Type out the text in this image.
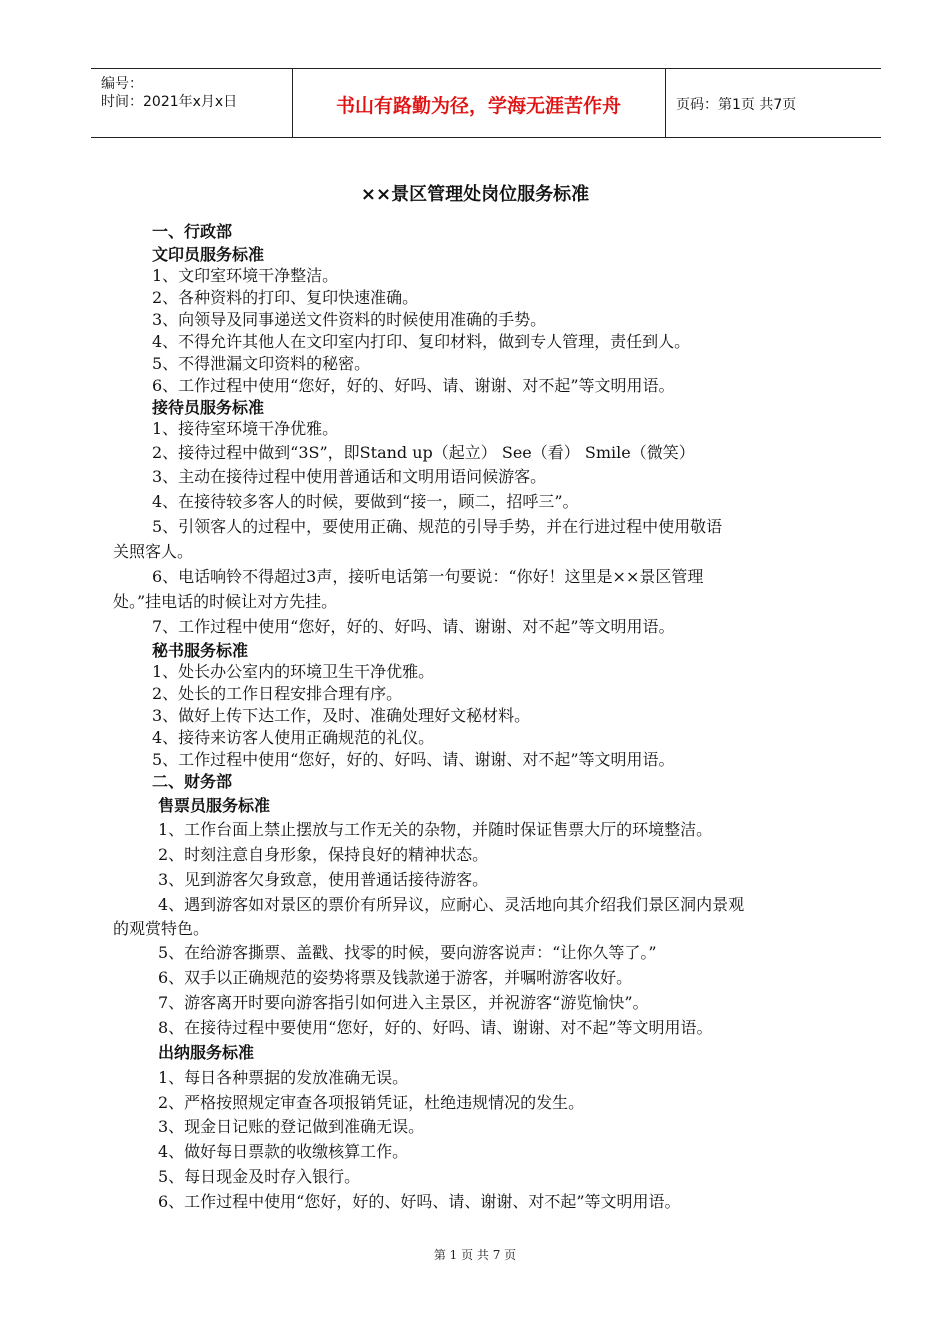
编号：
时间：2021年x月x日	书山有路勤为径，学海无涯苦作舟	页码：第1页 共7页
××景区管理处岗位服务标准
一、行政部
文印员服务标准
1、文印室环境干净整洁。
2、各种资料的打印、复印快速准确。
3、向领导及同事递送文件资料的时候使用准确的手势。
4、不得允许其他人在文印室内打印、复印材料，做到专人管理，责任到人。
5、不得泄漏文印资料的秘密。
6、工作过程中使用“您好，好的、好吗、请、谢谢、对不起”等文明用语。
接待员服务标准
1、接待室环境干净优雅。
2、接待过程中做到“3S”，即Stand up（起立） See（看） Smile（微笑）
3、主动在接待过程中使用普通话和文明用语问候游客。
4、在接待较多客人的时候，要做到“接一，顾二，招呼三”。
5、引领客人的过程中，要使用正确、规范的引导手势，并在行进过程中使用敬语
关照客人。
6、电话响铃不得超过3声，接听电话第一句要说：“你好！这里是××景区管理
处。”挂电话的时候让对方先挂。
7、工作过程中使用“您好，好的、好吗、请、谢谢、对不起”等文明用语。
秘书服务标准
1、处长办公室内的环境卫生干净优雅。
2、处长的工作日程安排合理有序。
3、做好上传下达工作，及时、准确处理好文秘材料。
4、接待来访客人使用正确规范的礼仪。
5、工作过程中使用“您好，好的、好吗、请、谢谢、对不起”等文明用语。
二、财务部
售票员服务标准
1、工作台面上禁止摆放与工作无关的杂物，并随时保证售票大厅的环境整洁。
2、时刻注意自身形象，保持良好的精神状态。
3、见到游客欠身致意，使用普通话接待游客。
4、遇到游客如对景区的票价有所异议，应耐心、灵活地向其介绍我们景区洞内景观
的观赏特色。
5、在给游客撕票、盖戳、找零的时候，要向游客说声：“让你久等了。”
6、双手以正确规范的姿势将票及钱款递于游客，并嘱咐游客收好。
7、游客离开时要向游客指引如何进入主景区，并祝游客“游览愉快”。
8、在接待过程中要使用“您好，好的、好吗、请、谢谢、对不起”等文明用语。
出纳服务标准
1、每日各种票据的发放准确无误。
2、严格按照规定审查各项报销凭证，杜绝违规情况的发生。
3、现金日记账的登记做到准确无误。
4、做好每日票款的收缴核算工作。
5、每日现金及时存入银行。
6、工作过程中使用“您好，好的、好吗、请、谢谢、对不起”等文明用语。
第 1 页 共 7 页
